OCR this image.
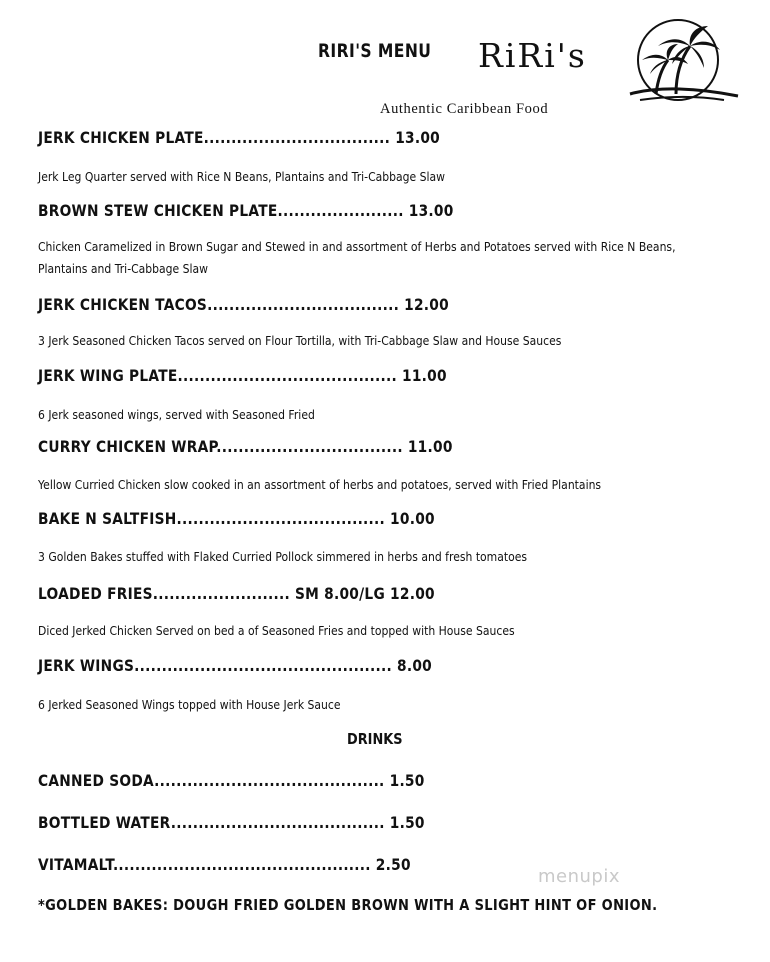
RIRI'S MENU RiRi's
Authentic Caribbean Food
JERK CHICKEN PLATE.................................. 13.00
Jerk Leg Quarter served with Rice N Beans, Plantains and Tri-Cabbage Slaw
BROWN STEW CHICKEN PLATE....................... 13.00
Chicken Caramelized in Brown Sugar and Stewed in and assortment of Herbs and Potatoes served with Rice N Beans, Plantains and Tri-Cabbage Slaw
JERK CHICKEN TACOS................................... 12.00
3 Jerk Seasoned Chicken Tacos served on Flour Tortilla, with Tri-Cabbage Slaw and House Sauces
JERK WING PLATE........................................ 11.00
6 Jerk seasoned wings, served with Seasoned Fried
CURRY CHICKEN WRAP.................................. 11.00
Yellow Curried Chicken slow cooked in an assortment of herbs and potatoes, served with Fried Plantains
BAKE N SALTFISH...................................... 10.00
3 Golden Bakes stuffed with Flaked Curried Pollock simmered in herbs and fresh tomatoes
LOADED FRIES......................... SM 8.00/LG 12.00
Diced Jerked Chicken Served on bed a of Seasoned Fries and topped with House Sauces
JERK WINGS............................................... 8.00
6 Jerked Seasoned Wings topped with House Jerk Sauce
DRINKS
CANNED SODA.......................................... 1.50
BOTTLED WATER....................................... 1.50
VITAMALT............................................... 2.50
menupix
*GOLDEN BAKES: DOUGH FRIED GOLDEN BROWN WITH A SLIGHT HINT OF ONION.
